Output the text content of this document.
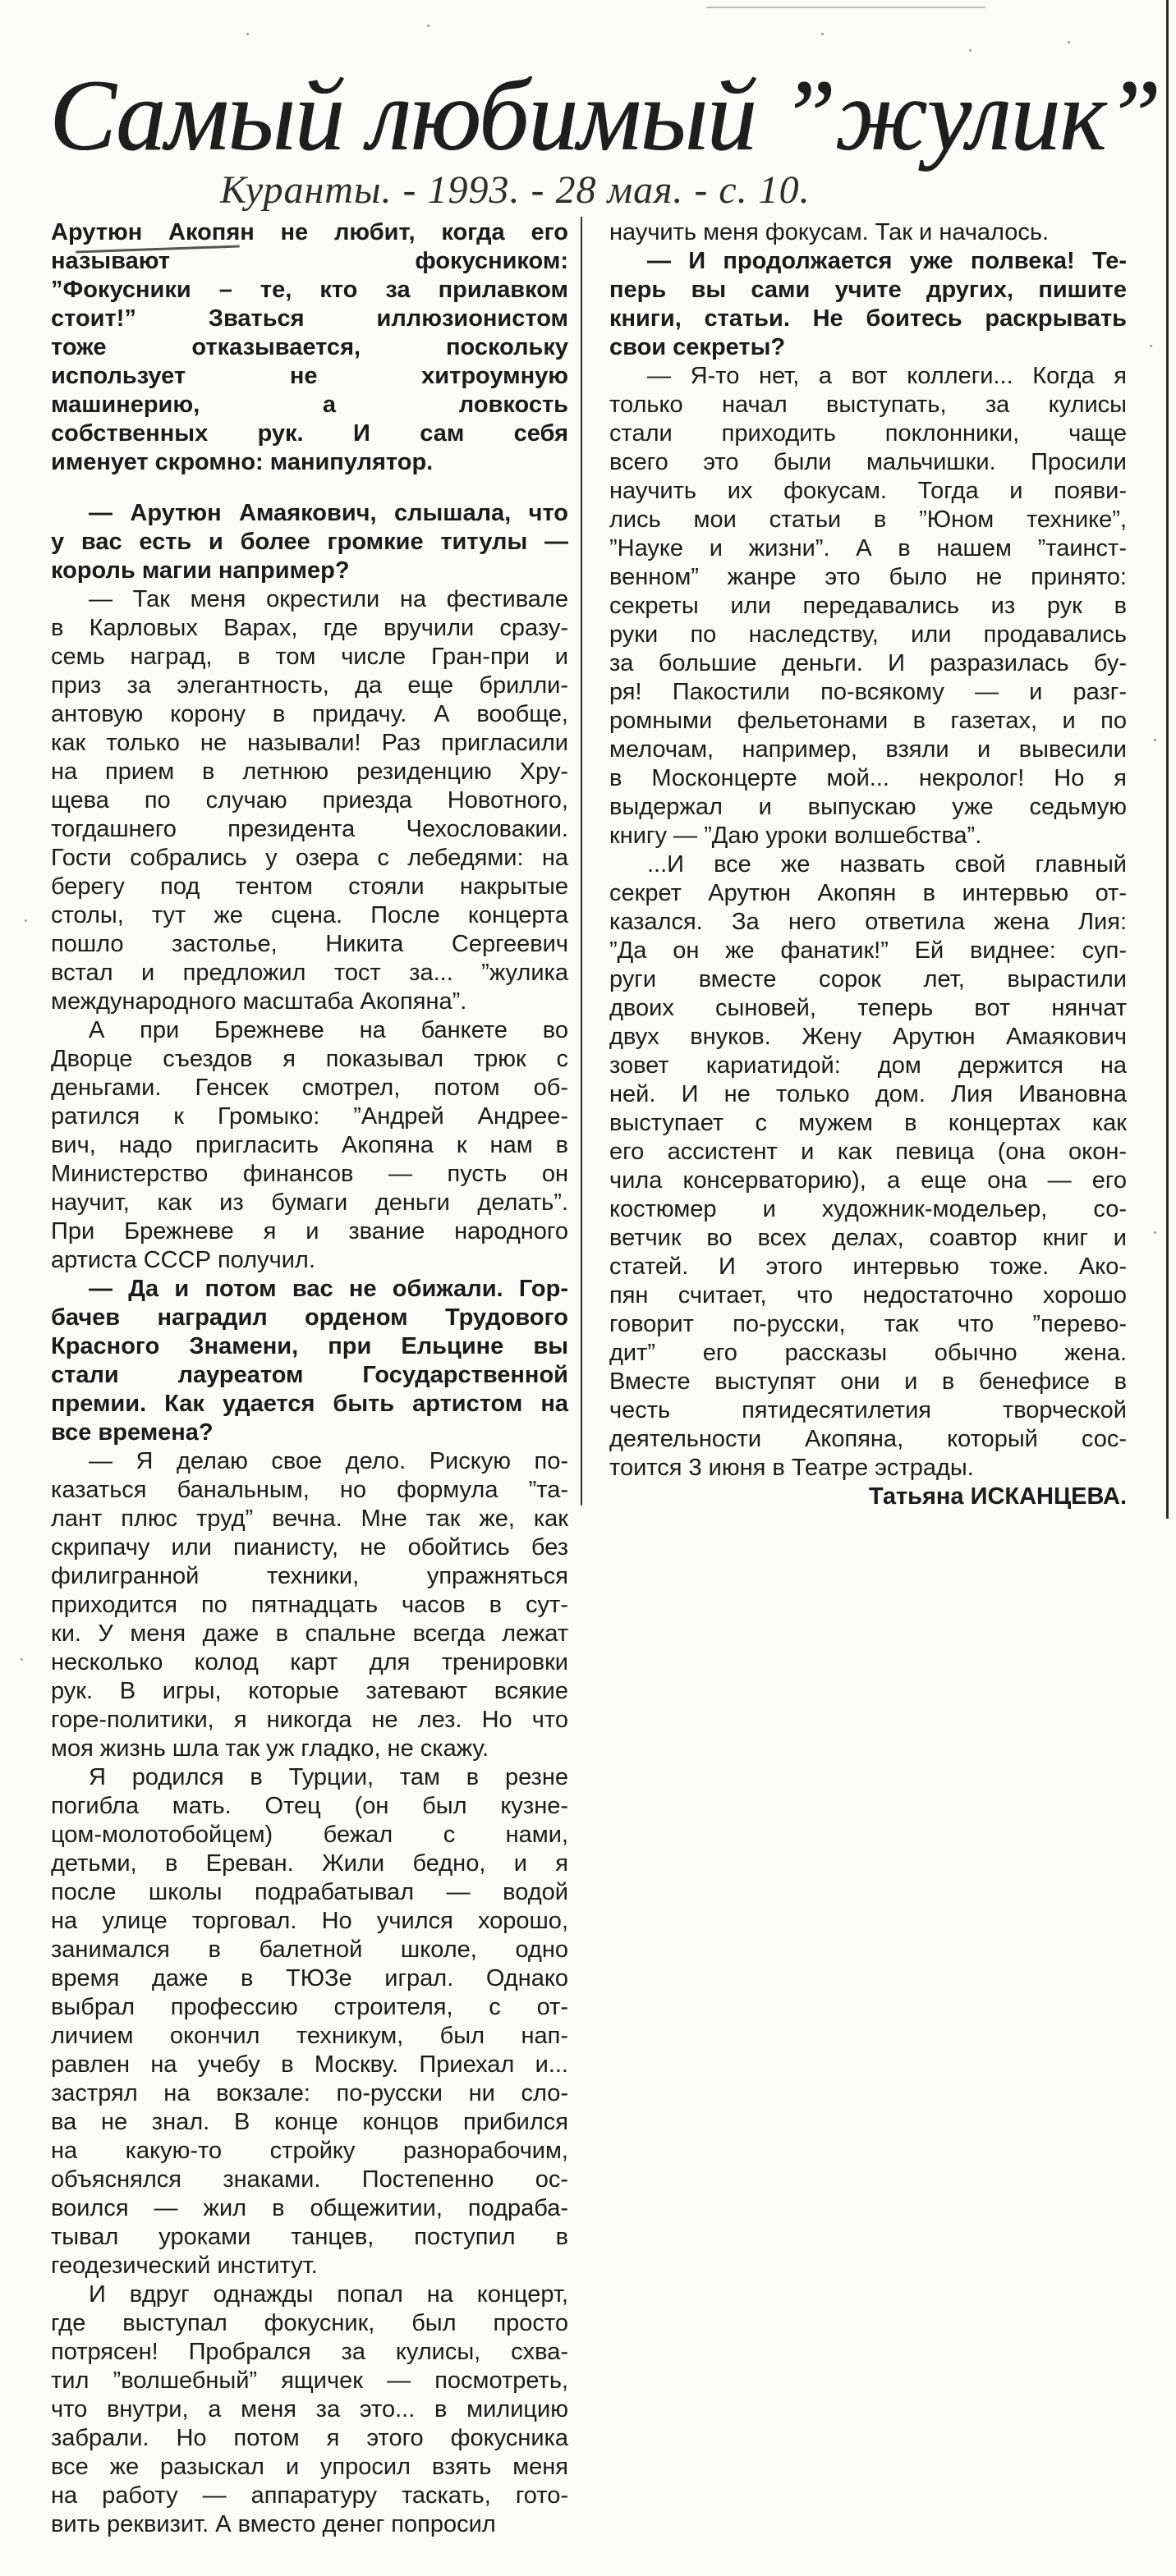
Самый любимый ”жулик”
Куранты. - 1993. - 28 мая. - с. 10.
Арутюн Акопян не любит, когда его
называют фокусником:
”Фокусники – те, кто за прилавком
стоит!” Зваться иллюзионистом
тоже отказывается, поскольку
использует не хитроумную
машинерию, а ловкость
собственных рук. И сам себя
именует скромно: манипулятор.
— Арутюн Амаякович, слышала, что
у вас есть и более громкие титулы —
король магии например?
— Так меня окрестили на фестивале
в Карловых Варах, где вручили сразу-
семь наград, в том числе Гран-при и
приз за элегантность, да еще брилли-
антовую корону в придачу. А вообще,
как только не называли! Раз пригласили
на прием в летнюю резиденцию Хру-
щева по случаю приезда Новотного,
тогдашнего президента Чехословакии.
Гости собрались у озера с лебедями: на
берегу под тентом стояли накрытые
столы, тут же сцена. После концерта
пошло застолье, Никита Сергеевич
встал и предложил тост за... ”жулика
международного масштаба Акопяна”.
А при Брежневе на банкете во
Дворце съездов я показывал трюк с
деньгами. Генсек смотрел, потом об-
ратился к Громыко: ”Андрей Андрее-
вич, надо пригласить Акопяна к нам в
Министерство финансов — пусть он
научит, как из бумаги деньги делать”.
При Брежневе я и звание народного
артиста СССР получил.
— Да и потом вас не обижали. Гор-
бачев наградил орденом Трудового
Красного Знамени, при Ельцине вы
стали лауреатом Государственной
премии. Как удается быть артистом на
все времена?
— Я делаю свое дело. Рискую по-
казаться банальным, но формула ”та-
лант плюс труд” вечна. Мне так же, как
скрипачу или пианисту, не обойтись без
филигранной техники, упражняться
приходится по пятнадцать часов в сут-
ки. У меня даже в спальне всегда лежат
несколько колод карт для тренировки
рук. В игры, которые затевают всякие
горе-политики, я никогда не лез. Но что
моя жизнь шла так уж гладко, не скажу.
Я родился в Турции, там в резне
погибла мать. Отец (он был кузне-
цом-молотобойцем) бежал с нами,
детьми, в Ереван. Жили бедно, и я
после школы подрабатывал — водой
на улице торговал. Но учился хорошо,
занимался в балетной школе, одно
время даже в ТЮЗе играл. Однако
выбрал профессию строителя, с от-
личием окончил техникум, был нап-
равлен на учебу в Москву. Приехал и...
застрял на вокзале: по-русски ни сло-
ва не знал. В конце концов прибился
на какую-то стройку разнорабочим,
объяснялся знаками. Постепенно ос-
воился — жил в общежитии, подраба-
тывал уроками танцев, поступил в
геодезический институт.
И вдруг однажды попал на концерт,
где выступал фокусник, был просто
потрясен! Пробрался за кулисы, схва-
тил ”волшебный” ящичек — посмотреть,
что внутри, а меня за это... в милицию
забрали. Но потом я этого фокусника
все же разыскал и упросил взять меня
на работу — аппаратуру таскать, гото-
вить реквизит. А вместо денег попросил
научить меня фокусам. Так и началось.
— И продолжается уже полвека! Те-
перь вы сами учите других, пишите
книги, статьи. Не боитесь раскрывать
свои секреты?
— Я-то нет, а вот коллеги... Когда я
только начал выступать, за кулисы
стали приходить поклонники, чаще
всего это были мальчишки. Просили
научить их фокусам. Тогда и появи-
лись мои статьи в ”Юном технике”,
”Науке и жизни”. А в нашем ”таинст-
венном” жанре это было не принято:
секреты или передавались из рук в
руки по наследству, или продавались
за большие деньги. И разразилась бу-
ря! Пакостили по-всякому — и разг-
ромными фельетонами в газетах, и по
мелочам, например, взяли и вывесили
в Москонцерте мой... некролог! Но я
выдержал и выпускаю уже седьмую
книгу — ”Даю уроки волшебства”.
...И все же назвать свой главный
секрет Арутюн Акопян в интервью от-
казался. За него ответила жена Лия:
”Да он же фанатик!” Ей виднее: суп-
руги вместе сорок лет, вырастили
двоих сыновей, теперь вот нянчат
двух внуков. Жену Арутюн Амаякович
зовет кариатидой: дом держится на
ней. И не только дом. Лия Ивановна
выступает с мужем в концертах как
его ассистент и как певица (она окон-
чила консерваторию), а еще она — его
костюмер и художник-модельер, со-
ветчик во всех делах, соавтор книг и
статей. И этого интервью тоже. Ако-
пян считает, что недостаточно хорошо
говорит по-русски, так что ”перево-
дит” его рассказы обычно жена.
Вместе выступят они и в бенефисе в
честь пятидесятилетия творческой
деятельности Акопяна, который сос-
тоится 3 июня в Театре эстрады.
Татьяна ИСКАНЦЕВА.
